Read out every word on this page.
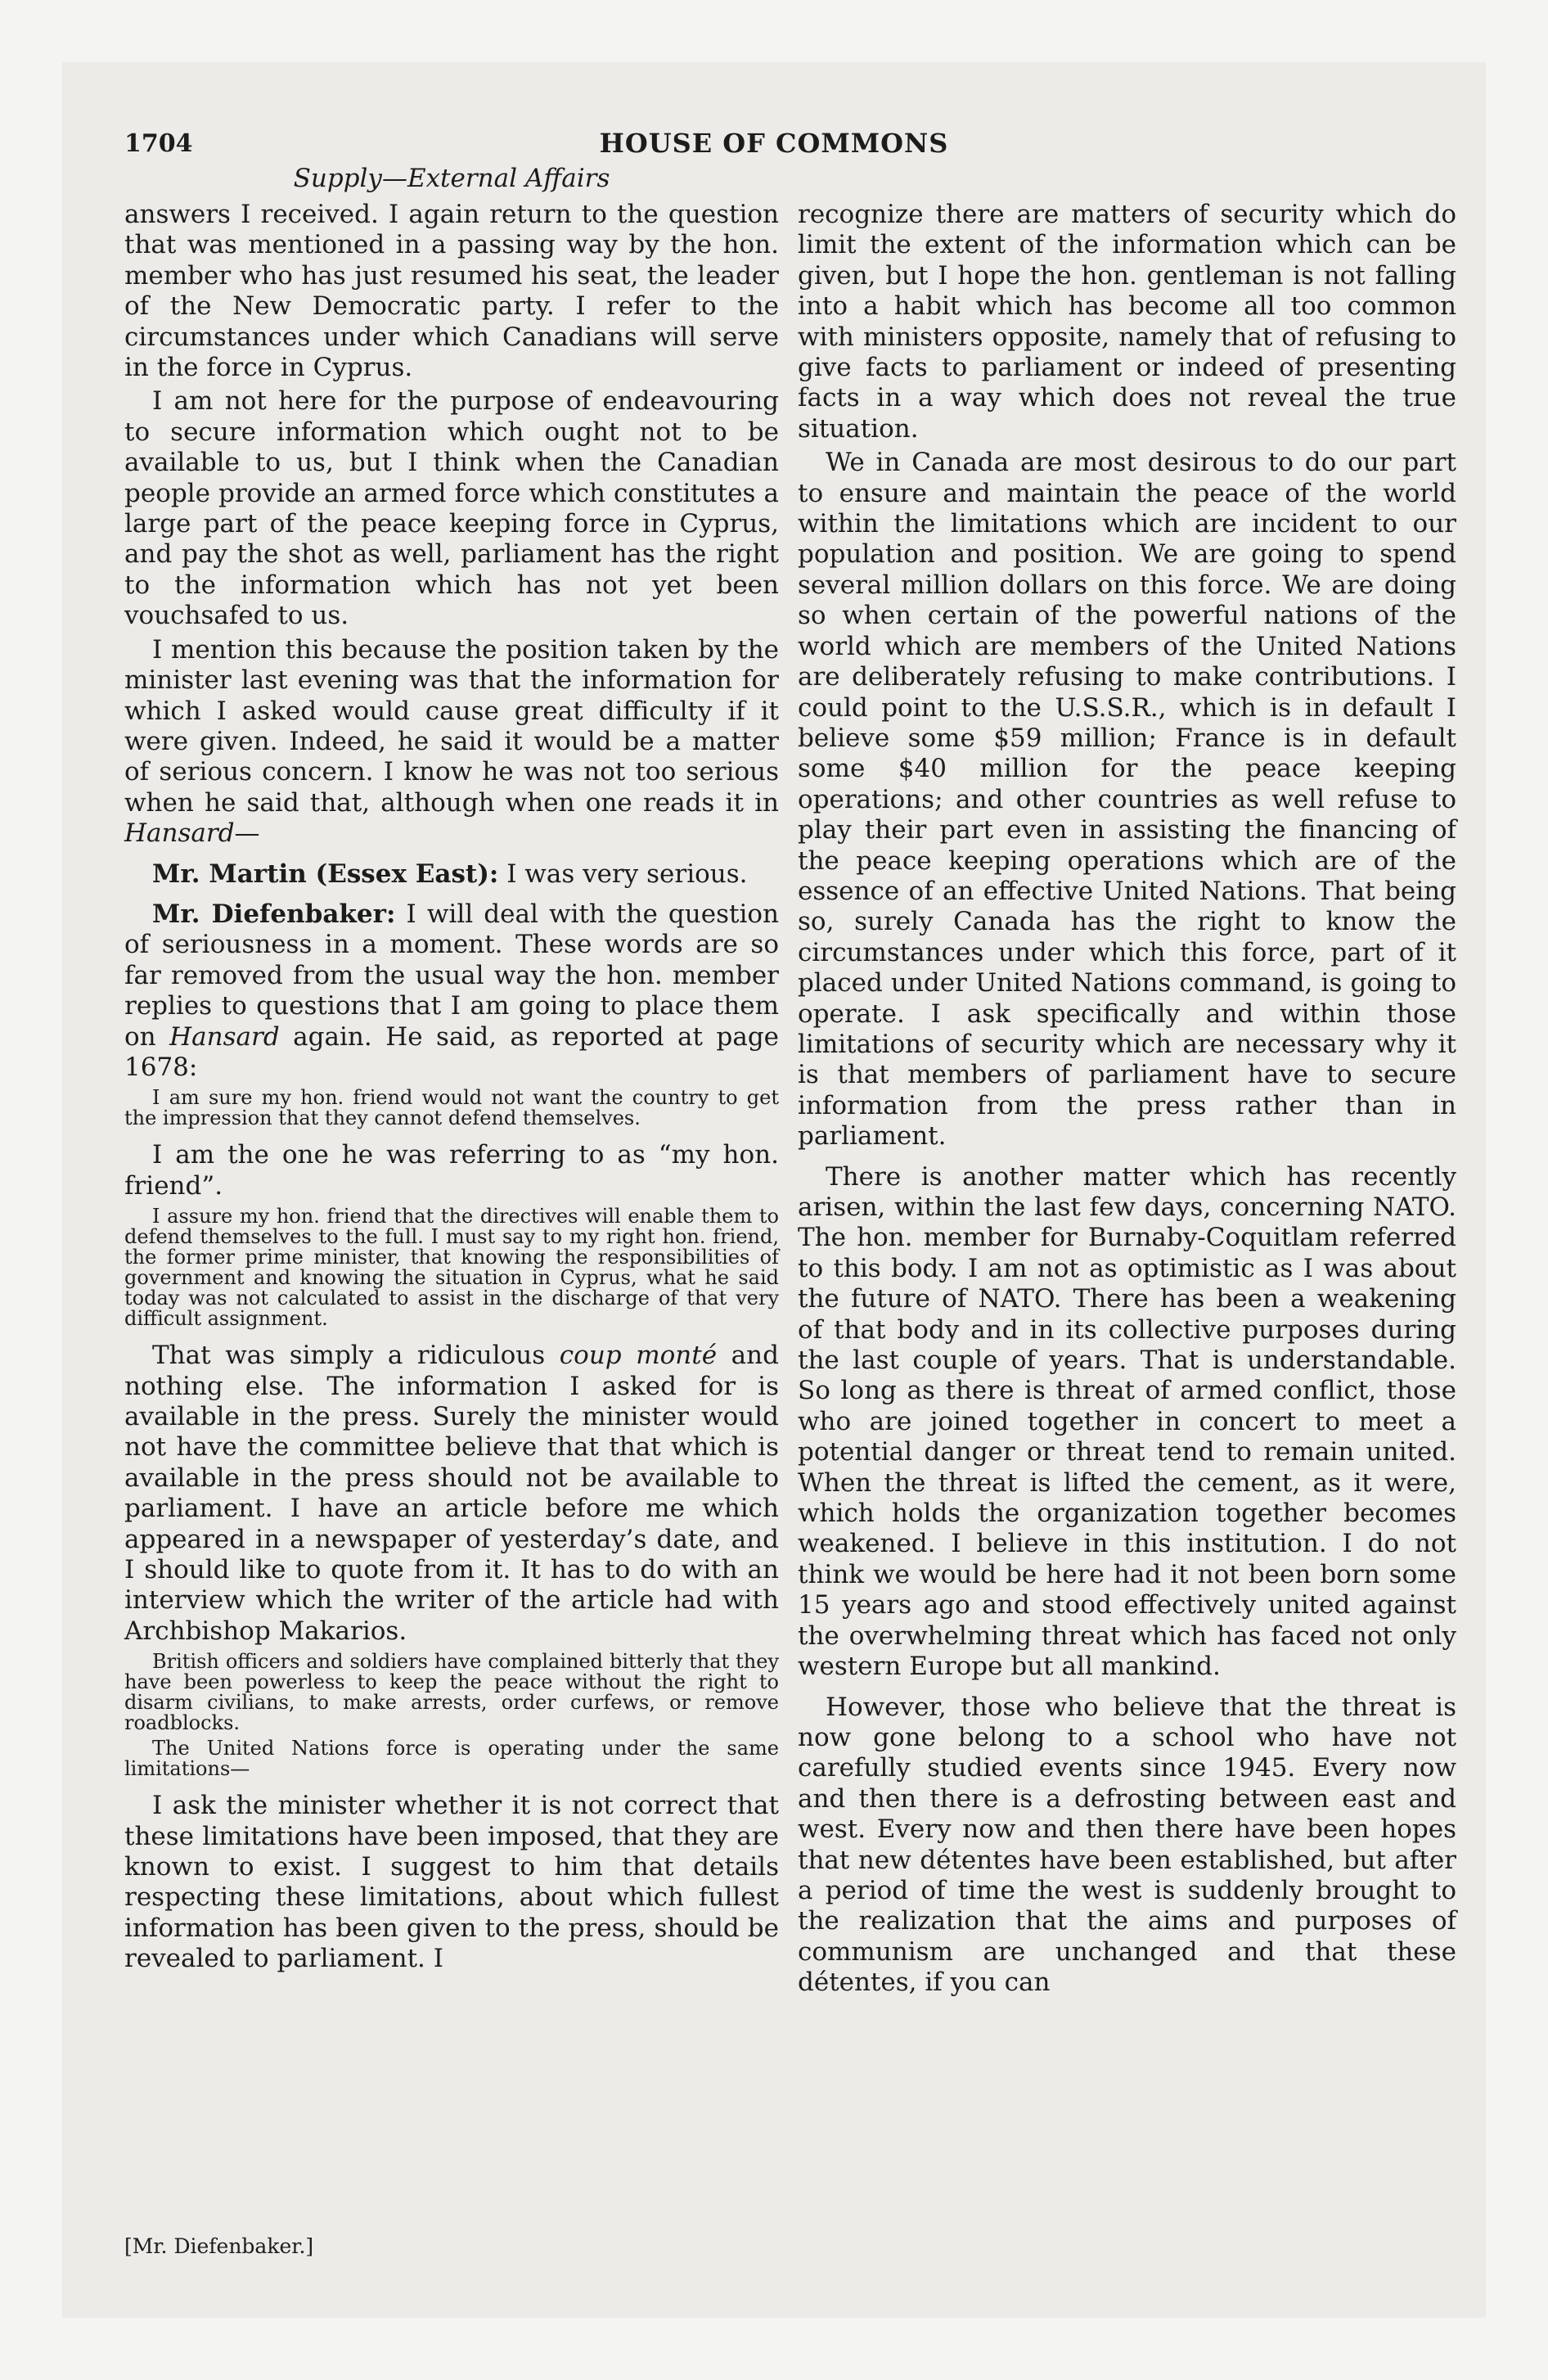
1704	HOUSE OF COMMONS
Supply—External Affairs

answers I received. I again return to the question that was mentioned in a passing way by the hon. member who has just resumed his seat, the leader of the New Democratic party. I refer to the circumstances under which Canadians will serve in the force in Cyprus.

I am not here for the purpose of endeavouring to secure information which ought not to be available to us, but I think when the Canadian people provide an armed force which constitutes a large part of the peace keeping force in Cyprus, and pay the shot as well, parliament has the right to the information which has not yet been vouchsafed to us.

I mention this because the position taken by the minister last evening was that the information for which I asked would cause great difficulty if it were given. Indeed, he said it would be a matter of serious concern. I know he was not too serious when he said that, although when one reads it in Hansard—

Mr. Martin (Essex East): I was very serious.

Mr. Diefenbaker: I will deal with the question of seriousness in a moment. These words are so far removed from the usual way the hon. member replies to questions that I am going to place them on Hansard again. He said, as reported at page 1678:

I am sure my hon. friend would not want the country to get the impression that they cannot defend themselves.

I am the one he was referring to as “my hon. friend”.

I assure my hon. friend that the directives will enable them to defend themselves to the full. I must say to my right hon. friend, the former prime minister, that knowing the responsibilities of government and knowing the situation in Cyprus, what he said today was not calculated to assist in the discharge of that very difficult assignment.

That was simply a ridiculous coup monté and nothing else. The information I asked for is available in the press. Surely the minister would not have the committee believe that that which is available in the press should not be available to parliament. I have an article before me which appeared in a newspaper of yesterday’s date, and I should like to quote from it. It has to do with an interview which the writer of the article had with Archbishop Makarios.

British officers and soldiers have complained bitterly that they have been powerless to keep the peace without the right to disarm civilians, to make arrests, order curfews, or remove roadblocks.
The United Nations force is operating under the same limitations—

I ask the minister whether it is not correct that these limitations have been imposed, that they are known to exist. I suggest to him that details respecting these limitations, about which fullest information has been given to the press, should be revealed to parliament. I

recognize there are matters of security which do limit the extent of the information which can be given, but I hope the hon. gentleman is not falling into a habit which has become all too common with ministers opposite, namely that of refusing to give facts to parliament or indeed of presenting facts in a way which does not reveal the true situation.

We in Canada are most desirous to do our part to ensure and maintain the peace of the world within the limitations which are incident to our population and position. We are going to spend several million dollars on this force. We are doing so when certain of the powerful nations of the world which are members of the United Nations are deliberately refusing to make contributions. I could point to the U.S.S.R., which is in default I believe some $59 million; France is in default some $40 million for the peace keeping operations; and other countries as well refuse to play their part even in assisting the financing of the peace keeping operations which are of the essence of an effective United Nations. That being so, surely Canada has the right to know the circumstances under which this force, part of it placed under United Nations command, is going to operate. I ask specifically and within those limitations of security which are necessary why it is that members of parliament have to secure information from the press rather than in parliament.

There is another matter which has recently arisen, within the last few days, concerning NATO. The hon. member for Burnaby-Coquitlam referred to this body. I am not as optimistic as I was about the future of NATO. There has been a weakening of that body and in its collective purposes during the last couple of years. That is understandable. So long as there is threat of armed conflict, those who are joined together in concert to meet a potential danger or threat tend to remain united. When the threat is lifted the cement, as it were, which holds the organization together becomes weakened. I believe in this institution. I do not think we would be here had it not been born some 15 years ago and stood effectively united against the overwhelming threat which has faced not only western Europe but all mankind.

However, those who believe that the threat is now gone belong to a school who have not carefully studied events since 1945. Every now and then there is a defrosting between east and west. Every now and then there have been hopes that new détentes have been established, but after a period of time the west is suddenly brought to the realization that the aims and purposes of communism are unchanged and that these détentes, if you can

[Mr. Diefenbaker.]
